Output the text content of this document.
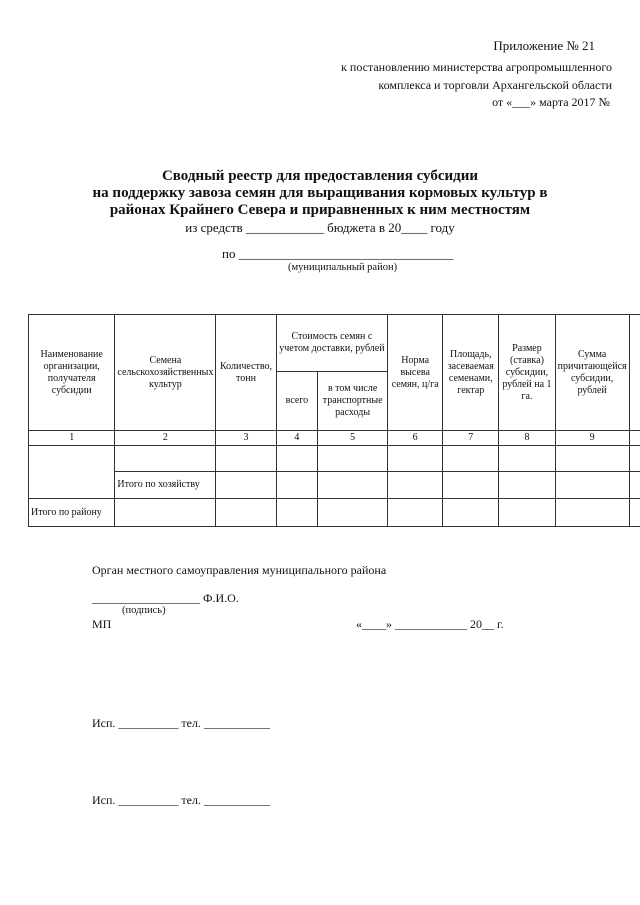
Приложение № 21
к постановлению министерства агропромышленного
комплекса и торговли Архангельской области
от «___» марта 2017 №
Сводный реестр для предоставления субсидии
на поддержку завоза семян для выращивания кормовых культур в
районах Крайнего Севера и приравненных к ним местностям
из средств ____________ бюджета в 20____ году
по _________________________________
(муниципальный район)
Наименование организации, получателя субсидии	Семена сельскохозяйственных культур	Количество, тонн	Стоимость семян с учетом доставки, рублей		Норма высева семян, ц/га	Площадь, засеваемая семенами, гектар	Размер (ставка) субсидии, рублей на 1 га.	Сумма причитающейся субсидии, рублей	
			всего	в том числе транспортные расходы					
1	2	3	4	5	6	7	8	9	

	Итого по хозяйству								
Итого по району									
Орган местного самоуправления муниципального района
__________________ Ф.И.О.
(подпись)
МП	«____» ____________ 20__ г.
Исп. __________ тел. ___________
Исп. __________ тел. ___________
